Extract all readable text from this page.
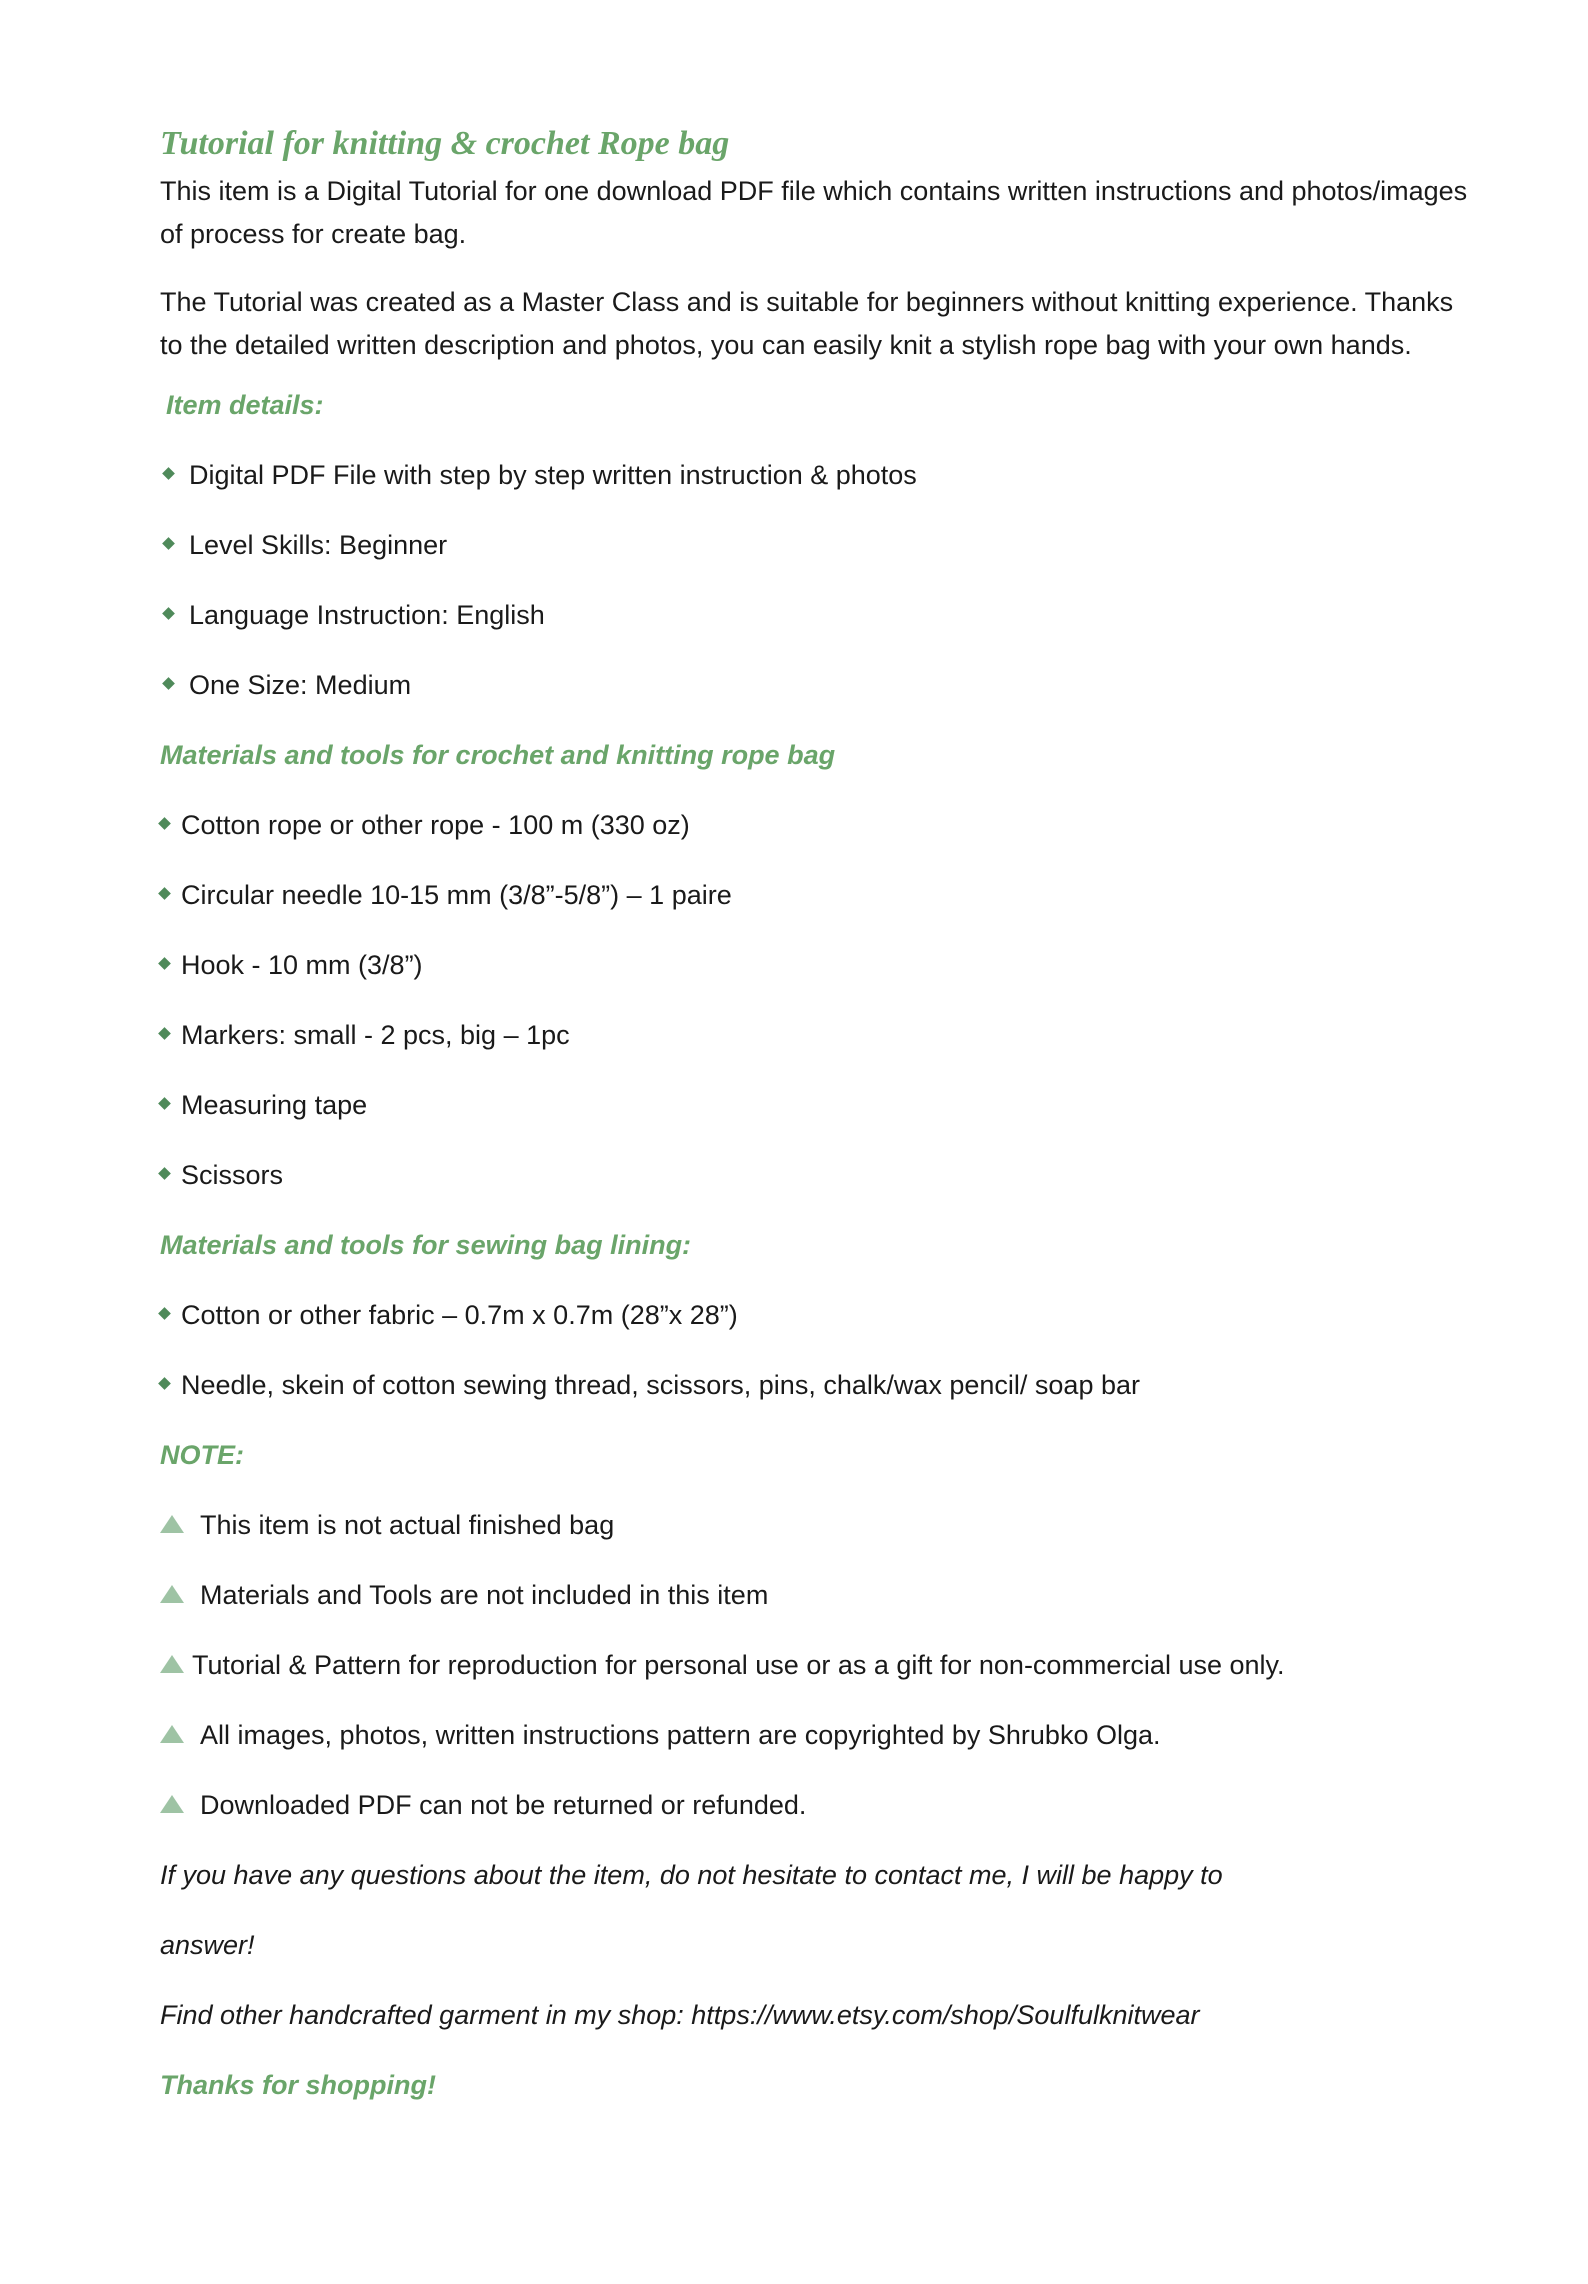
Tutorial for knitting & crochet Rope bag

This item is a Digital Tutorial for one download PDF file which contains written instructions and photos/images of process for create bag.

The Tutorial was created as a Master Class and is suitable for beginners without knitting experience. Thanks to the detailed written description and photos, you can easily knit a stylish rope bag with your own hands.

Item details:
Digital PDF File with step by step written instruction & photos
Level Skills: Beginner
Language Instruction: English
One Size: Medium
Materials and tools for crochet and knitting rope bag
Cotton rope or other rope - 100 m (330 oz)
Circular needle 10-15 mm (3/8”-5/8”) – 1 paire
Hook - 10 mm (3/8”)
Markers: small - 2 pcs, big – 1pc
Measuring tape
Scissors
Materials and tools for sewing bag lining:
Cotton or other fabric – 0.7m x 0.7m (28”x 28”)
Needle, skein of cotton sewing thread, scissors, pins, chalk/wax pencil/ soap bar
NOTE:
This item is not actual finished bag
Materials and Tools are not included in this item
Tutorial & Pattern for reproduction for personal use or as a gift for non-commercial use only.
All images, photos, written instructions pattern are copyrighted by Shrubko Olga.
Downloaded PDF can not be returned or refunded.
If you have any questions about the item, do not hesitate to contact me, I will be happy to
answer!
Find other handcrafted garment in my shop: https://www.etsy.com/shop/Soulfulknitwear
Thanks for shopping!
